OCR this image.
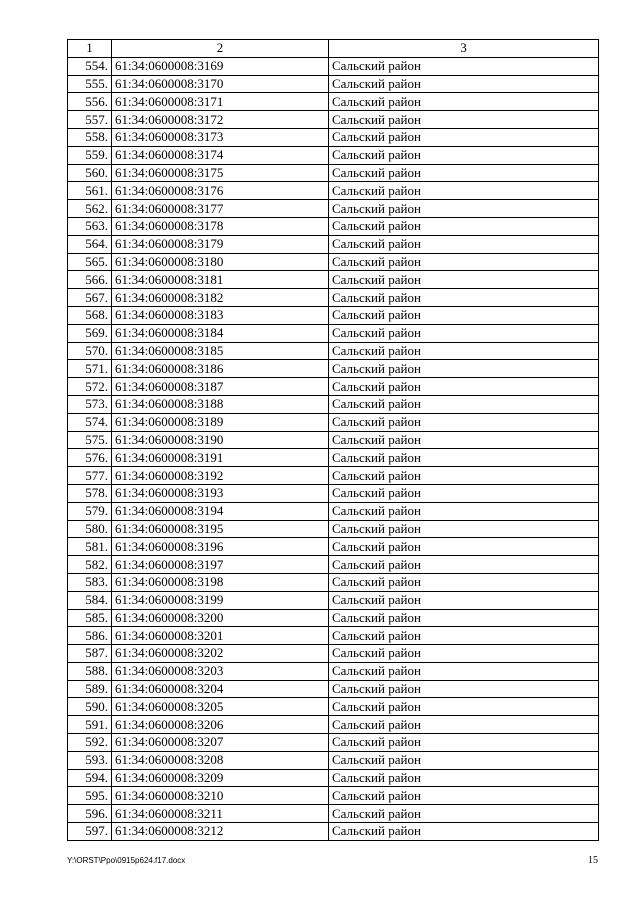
1	2	3
554.	61:34:0600008:3169	Сальский район
555.	61:34:0600008:3170	Сальский район
556.	61:34:0600008:3171	Сальский район
557.	61:34:0600008:3172	Сальский район
558.	61:34:0600008:3173	Сальский район
559.	61:34:0600008:3174	Сальский район
560.	61:34:0600008:3175	Сальский район
561.	61:34:0600008:3176	Сальский район
562.	61:34:0600008:3177	Сальский район
563.	61:34:0600008:3178	Сальский район
564.	61:34:0600008:3179	Сальский район
565.	61:34:0600008:3180	Сальский район
566.	61:34:0600008:3181	Сальский район
567.	61:34:0600008:3182	Сальский район
568.	61:34:0600008:3183	Сальский район
569.	61:34:0600008:3184	Сальский район
570.	61:34:0600008:3185	Сальский район
571.	61:34:0600008:3186	Сальский район
572.	61:34:0600008:3187	Сальский район
573.	61:34:0600008:3188	Сальский район
574.	61:34:0600008:3189	Сальский район
575.	61:34:0600008:3190	Сальский район
576.	61:34:0600008:3191	Сальский район
577.	61:34:0600008:3192	Сальский район
578.	61:34:0600008:3193	Сальский район
579.	61:34:0600008:3194	Сальский район
580.	61:34:0600008:3195	Сальский район
581.	61:34:0600008:3196	Сальский район
582.	61:34:0600008:3197	Сальский район
583.	61:34:0600008:3198	Сальский район
584.	61:34:0600008:3199	Сальский район
585.	61:34:0600008:3200	Сальский район
586.	61:34:0600008:3201	Сальский район
587.	61:34:0600008:3202	Сальский район
588.	61:34:0600008:3203	Сальский район
589.	61:34:0600008:3204	Сальский район
590.	61:34:0600008:3205	Сальский район
591.	61:34:0600008:3206	Сальский район
592.	61:34:0600008:3207	Сальский район
593.	61:34:0600008:3208	Сальский район
594.	61:34:0600008:3209	Сальский район
595.	61:34:0600008:3210	Сальский район
596.	61:34:0600008:3211	Сальский район
597.	61:34:0600008:3212	Сальский район
Y:\ORST\Ppo\0915p624.f17.docx	15
